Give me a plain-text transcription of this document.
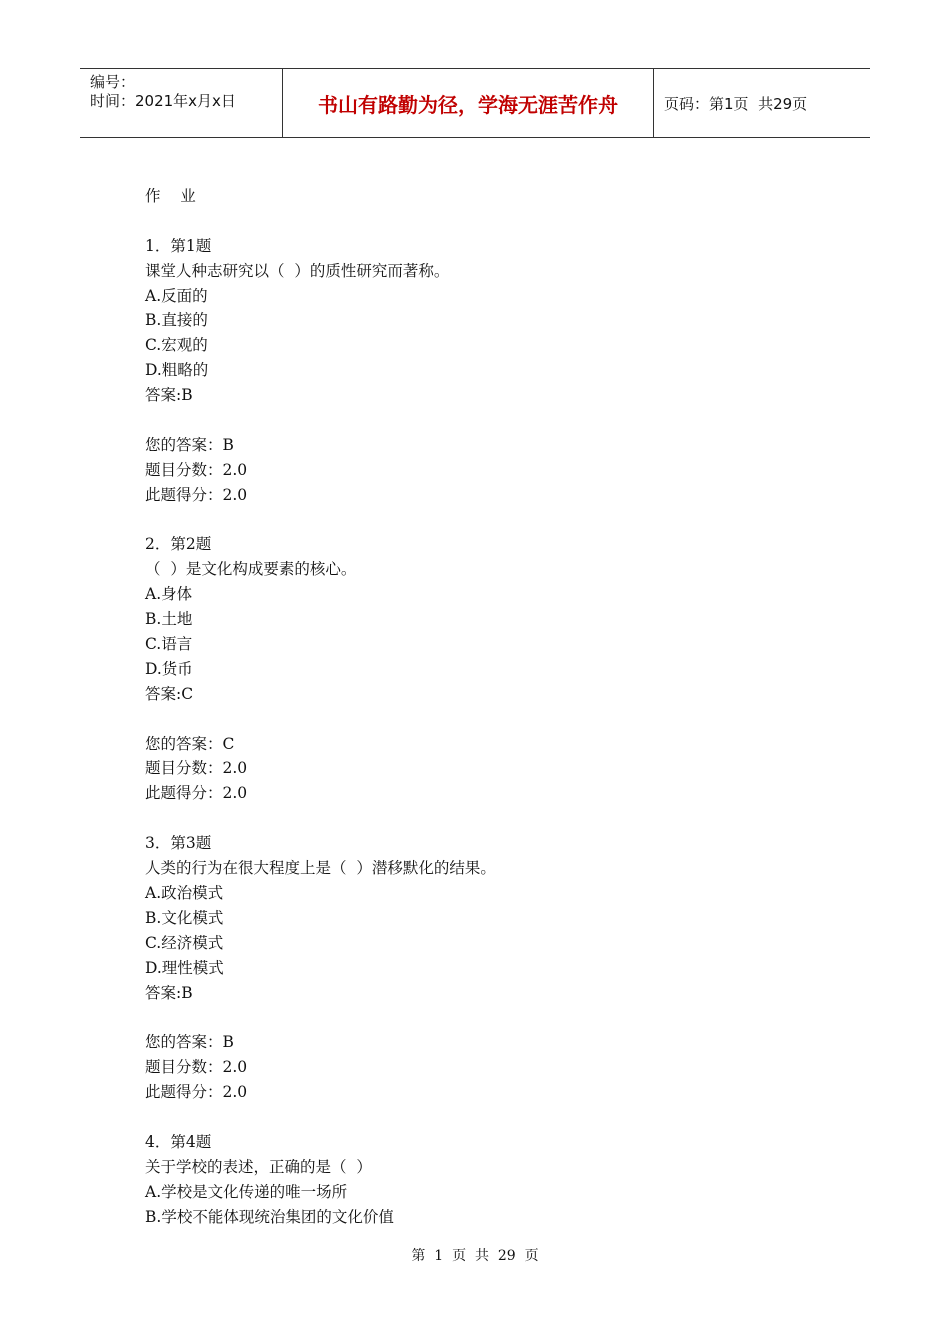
编号：
时间：2021年x月x日	书山有路勤为径，学海无涯苦作舟	页码：第1页  共29页
作    业
1．第1题
课堂人种志研究以（  ）的质性研究而著称。
A.反面的
B.直接的
C.宏观的
D.粗略的
答案:B
您的答案：B
题目分数：2.0
此题得分：2.0
2．第2题
（  ）是文化构成要素的核心。
A.身体
B.土地
C.语言
D.货币
答案:C
您的答案：C
题目分数：2.0
此题得分：2.0
3．第3题
人类的行为在很大程度上是（  ）潜移默化的结果。
A.政治模式
B.文化模式
C.经济模式
D.理性模式
答案:B
您的答案：B
题目分数：2.0
此题得分：2.0
4．第4题
关于学校的表述，正确的是（  ）
A.学校是文化传递的唯一场所
B.学校不能体现统治集团的文化价值
第  1  页  共  29  页
